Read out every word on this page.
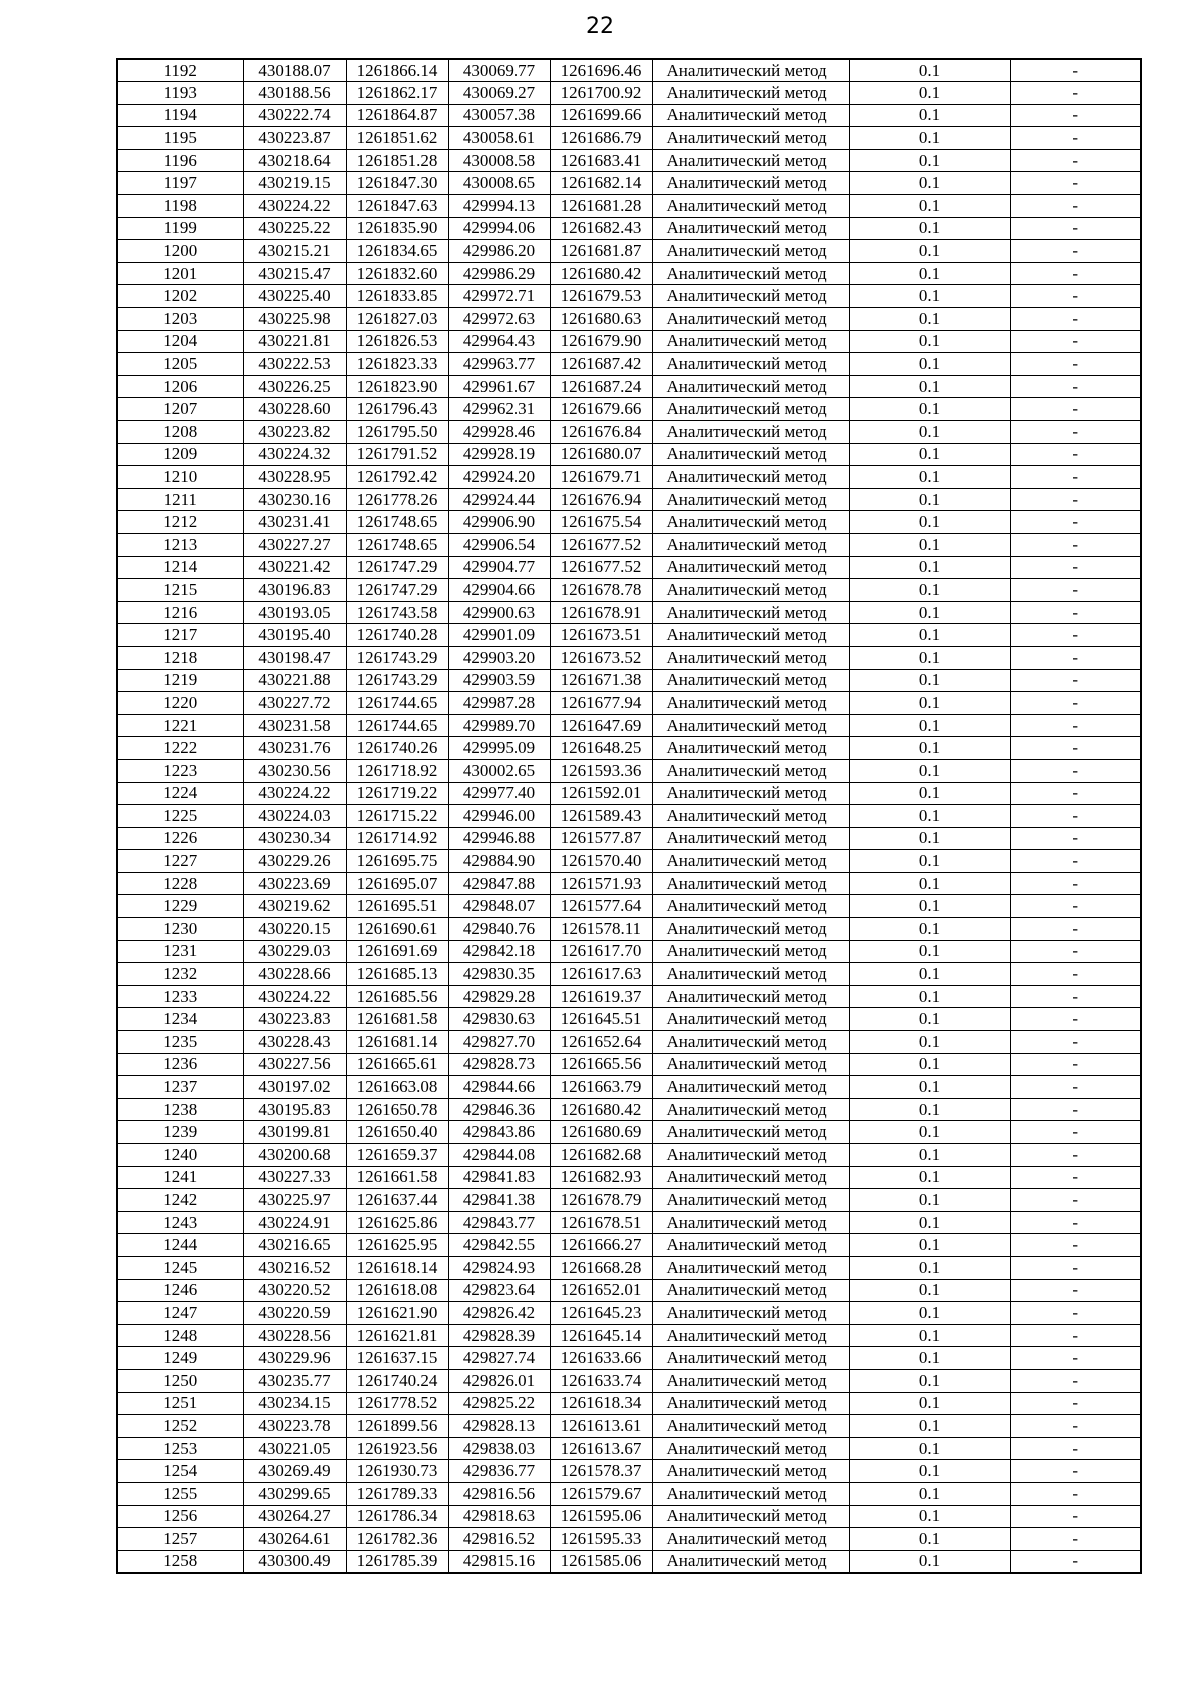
22
1192	430188.07	1261866.14	430069.77	1261696.46	Аналитический метод	0.1	-
1193	430188.56	1261862.17	430069.27	1261700.92	Аналитический метод	0.1	-
1194	430222.74	1261864.87	430057.38	1261699.66	Аналитический метод	0.1	-
1195	430223.87	1261851.62	430058.61	1261686.79	Аналитический метод	0.1	-
1196	430218.64	1261851.28	430008.58	1261683.41	Аналитический метод	0.1	-
1197	430219.15	1261847.30	430008.65	1261682.14	Аналитический метод	0.1	-
1198	430224.22	1261847.63	429994.13	1261681.28	Аналитический метод	0.1	-
1199	430225.22	1261835.90	429994.06	1261682.43	Аналитический метод	0.1	-
1200	430215.21	1261834.65	429986.20	1261681.87	Аналитический метод	0.1	-
1201	430215.47	1261832.60	429986.29	1261680.42	Аналитический метод	0.1	-
1202	430225.40	1261833.85	429972.71	1261679.53	Аналитический метод	0.1	-
1203	430225.98	1261827.03	429972.63	1261680.63	Аналитический метод	0.1	-
1204	430221.81	1261826.53	429964.43	1261679.90	Аналитический метод	0.1	-
1205	430222.53	1261823.33	429963.77	1261687.42	Аналитический метод	0.1	-
1206	430226.25	1261823.90	429961.67	1261687.24	Аналитический метод	0.1	-
1207	430228.60	1261796.43	429962.31	1261679.66	Аналитический метод	0.1	-
1208	430223.82	1261795.50	429928.46	1261676.84	Аналитический метод	0.1	-
1209	430224.32	1261791.52	429928.19	1261680.07	Аналитический метод	0.1	-
1210	430228.95	1261792.42	429924.20	1261679.71	Аналитический метод	0.1	-
1211	430230.16	1261778.26	429924.44	1261676.94	Аналитический метод	0.1	-
1212	430231.41	1261748.65	429906.90	1261675.54	Аналитический метод	0.1	-
1213	430227.27	1261748.65	429906.54	1261677.52	Аналитический метод	0.1	-
1214	430221.42	1261747.29	429904.77	1261677.52	Аналитический метод	0.1	-
1215	430196.83	1261747.29	429904.66	1261678.78	Аналитический метод	0.1	-
1216	430193.05	1261743.58	429900.63	1261678.91	Аналитический метод	0.1	-
1217	430195.40	1261740.28	429901.09	1261673.51	Аналитический метод	0.1	-
1218	430198.47	1261743.29	429903.20	1261673.52	Аналитический метод	0.1	-
1219	430221.88	1261743.29	429903.59	1261671.38	Аналитический метод	0.1	-
1220	430227.72	1261744.65	429987.28	1261677.94	Аналитический метод	0.1	-
1221	430231.58	1261744.65	429989.70	1261647.69	Аналитический метод	0.1	-
1222	430231.76	1261740.26	429995.09	1261648.25	Аналитический метод	0.1	-
1223	430230.56	1261718.92	430002.65	1261593.36	Аналитический метод	0.1	-
1224	430224.22	1261719.22	429977.40	1261592.01	Аналитический метод	0.1	-
1225	430224.03	1261715.22	429946.00	1261589.43	Аналитический метод	0.1	-
1226	430230.34	1261714.92	429946.88	1261577.87	Аналитический метод	0.1	-
1227	430229.26	1261695.75	429884.90	1261570.40	Аналитический метод	0.1	-
1228	430223.69	1261695.07	429847.88	1261571.93	Аналитический метод	0.1	-
1229	430219.62	1261695.51	429848.07	1261577.64	Аналитический метод	0.1	-
1230	430220.15	1261690.61	429840.76	1261578.11	Аналитический метод	0.1	-
1231	430229.03	1261691.69	429842.18	1261617.70	Аналитический метод	0.1	-
1232	430228.66	1261685.13	429830.35	1261617.63	Аналитический метод	0.1	-
1233	430224.22	1261685.56	429829.28	1261619.37	Аналитический метод	0.1	-
1234	430223.83	1261681.58	429830.63	1261645.51	Аналитический метод	0.1	-
1235	430228.43	1261681.14	429827.70	1261652.64	Аналитический метод	0.1	-
1236	430227.56	1261665.61	429828.73	1261665.56	Аналитический метод	0.1	-
1237	430197.02	1261663.08	429844.66	1261663.79	Аналитический метод	0.1	-
1238	430195.83	1261650.78	429846.36	1261680.42	Аналитический метод	0.1	-
1239	430199.81	1261650.40	429843.86	1261680.69	Аналитический метод	0.1	-
1240	430200.68	1261659.37	429844.08	1261682.68	Аналитический метод	0.1	-
1241	430227.33	1261661.58	429841.83	1261682.93	Аналитический метод	0.1	-
1242	430225.97	1261637.44	429841.38	1261678.79	Аналитический метод	0.1	-
1243	430224.91	1261625.86	429843.77	1261678.51	Аналитический метод	0.1	-
1244	430216.65	1261625.95	429842.55	1261666.27	Аналитический метод	0.1	-
1245	430216.52	1261618.14	429824.93	1261668.28	Аналитический метод	0.1	-
1246	430220.52	1261618.08	429823.64	1261652.01	Аналитический метод	0.1	-
1247	430220.59	1261621.90	429826.42	1261645.23	Аналитический метод	0.1	-
1248	430228.56	1261621.81	429828.39	1261645.14	Аналитический метод	0.1	-
1249	430229.96	1261637.15	429827.74	1261633.66	Аналитический метод	0.1	-
1250	430235.77	1261740.24	429826.01	1261633.74	Аналитический метод	0.1	-
1251	430234.15	1261778.52	429825.22	1261618.34	Аналитический метод	0.1	-
1252	430223.78	1261899.56	429828.13	1261613.61	Аналитический метод	0.1	-
1253	430221.05	1261923.56	429838.03	1261613.67	Аналитический метод	0.1	-
1254	430269.49	1261930.73	429836.77	1261578.37	Аналитический метод	0.1	-
1255	430299.65	1261789.33	429816.56	1261579.67	Аналитический метод	0.1	-
1256	430264.27	1261786.34	429818.63	1261595.06	Аналитический метод	0.1	-
1257	430264.61	1261782.36	429816.52	1261595.33	Аналитический метод	0.1	-
1258	430300.49	1261785.39	429815.16	1261585.06	Аналитический метод	0.1	-
